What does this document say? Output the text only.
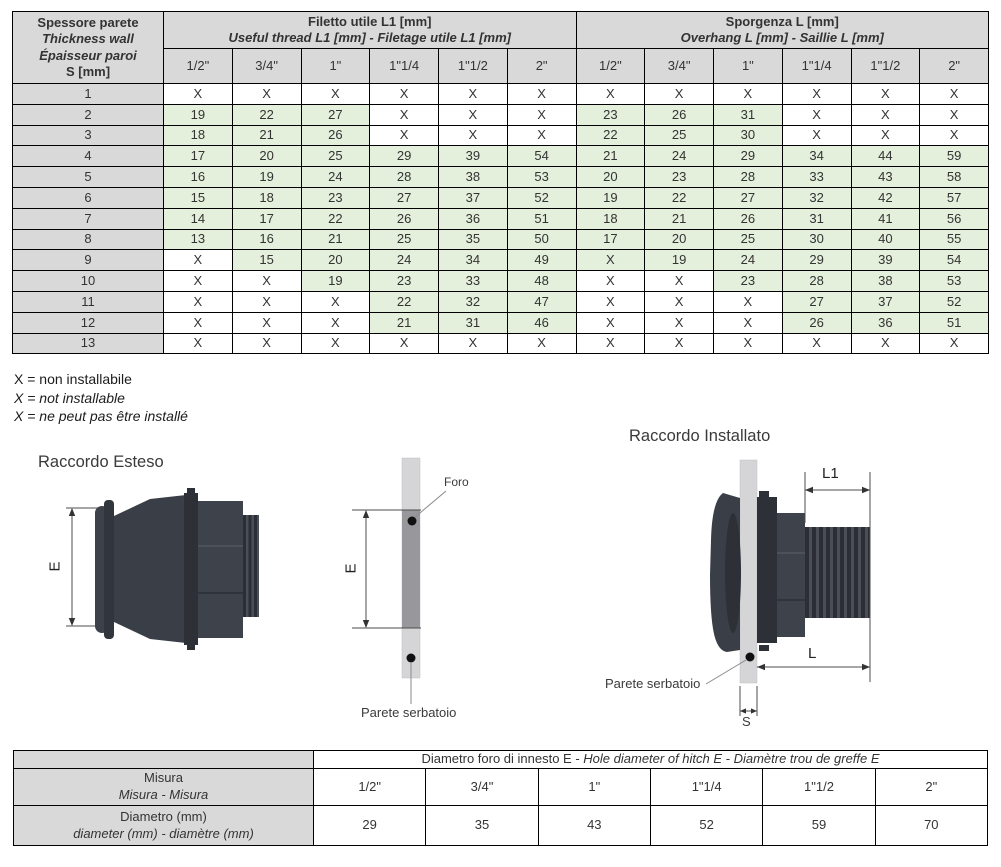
Spessore parete
Thickness wall
Épaisseur paroi
S [mm]	Filetto utile L1 [mm]
Useful thread L1 [mm] - Filetage utile L1 [mm]						Sporgenza L [mm]
Overhang L [mm] - Saillie L [mm]					

	1/2"	3/4"	1"	1"1/4	1"1/2	2"	1/2"	3/4"	1"	1"1/4	1"1/2	2"
1	X	X	X	X	X	X	X	X	X	X	X	X
2	19	22	27	X	X	X	23	26	31	X	X	X
3	18	21	26	X	X	X	22	25	30	X	X	X
4	17	20	25	29	39	54	21	24	29	34	44	59
5	16	19	24	28	38	53	20	23	28	33	43	58
6	15	18	23	27	37	52	19	22	27	32	42	57
7	14	17	22	26	36	51	18	21	26	31	41	56
8	13	16	21	25	35	50	17	20	25	30	40	55
9	X	15	20	24	34	49	X	19	24	29	39	54
10	X	X	19	23	33	48	X	X	23	28	38	53
11	X	X	X	22	32	47	X	X	X	27	37	52
12	X	X	X	21	31	46	X	X	X	26	36	51
13	X	X	X	X	X	X	X	X	X	X	X	X
X = non installabile
X = not installable
X = ne peut pas être installé
Raccordo Esteso
Raccordo Installato
Foro
E	E
Parete serbatoio
Parete serbatoio
L1
L
S
	Diametro foro di innesto E - Hole diameter of hitch E - Diamètre trou de greffe E					

Misura
Misura - Misura	1/2"	3/4"	1"	1"1/4	1"1/2	2"

Diametro (mm)
diameter (mm) - diamètre (mm)	29	35	43	52	59	70
